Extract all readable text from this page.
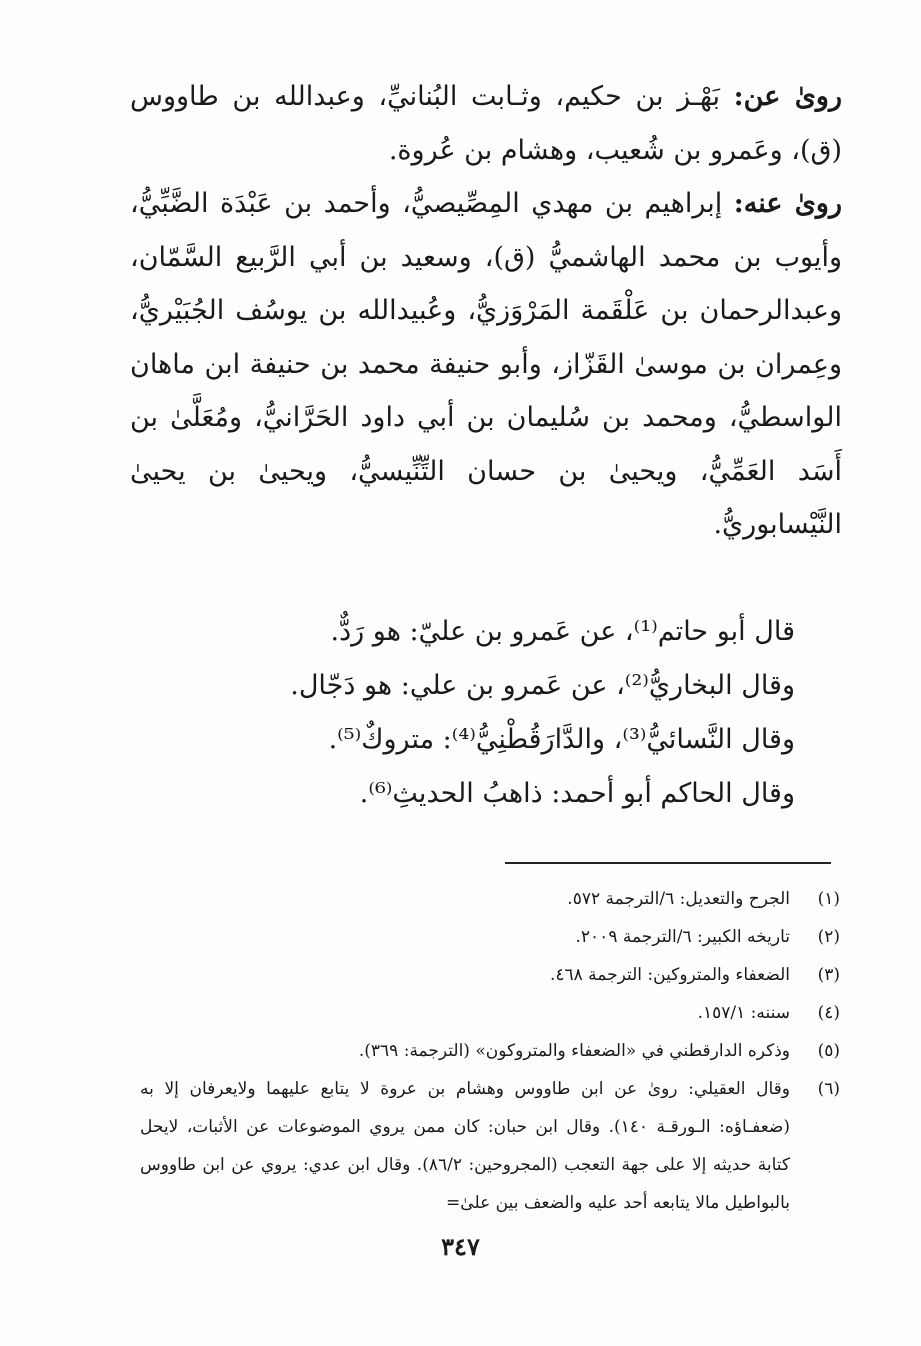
روىٰ عن: بَهْـز بن حكيم، وثـابت البُنانيِّ، وعبدالله بن طاووس (ق)، وعَمرو بن شُعيب، وهشام بن عُروة.

روىٰ عنه: إبراهيم بن مهدي المِصِّيصيُّ، وأحمد بن عَبْدَة الضَّبِّيُّ، وأيوب بن محمد الهاشميُّ (ق)، وسعيد بن أبي الرَّبيع السَّمّان، وعبدالرحمان بن عَلْقَمة المَرْوَزيُّ، وعُبيدالله بن يوسُف الجُبَيْريُّ، وعِمران بن موسىٰ القَزّاز، وأبو حنيفة محمد بن حنيفة ابن ماهان الواسطيُّ، ومحمد بن سُليمان بن أبي داود الحَرَّانيُّ، ومُعَلَّىٰ بن أَسَد العَمِّيُّ، ويحيىٰ بن حسان التِّنِّيسيُّ، ويحيىٰ بن يحيىٰ النَّيْسابوريُّ.

قال أبو حاتم⁽¹⁾، عن عَمرو بن عليّ: هو رَدٌّ.
وقال البخاريُّ⁽²⁾، عن عَمرو بن علي: هو دَجّال.
وقال النَّسائيُّ⁽³⁾، والدَّارَقُطْنِيُّ⁽⁴⁾: متروكٌ⁽⁵⁾.
وقال الحاكم أبو أحمد: ذاهبُ الحديثِ⁽⁶⁾.
(١)
الجرح والتعديل: ٦/الترجمة ٥٧٢.
(٢)
تاريخه الكبير: ٦/الترجمة ٢٠٠٩.
(٣)
الضعفاء والمتروكين: الترجمة ٤٦٨.
(٤)
سننه: ١٥٧/١.
(٥)
وذكره الدارقطني في «الضعفاء والمتروكون» (الترجمة: ٣٦٩).
(٦)
وقال العقيلي: روىٰ عن ابن طاووس وهشام بن عروة لا يتابع عليهما ولايعرفان إلا به (ضعفـاؤه: الـورقـة ١٤٠). وقال ابن حبان: كان ممن يروي الموضوعات عن الأثبات، لايحل كتابة حديثه إلا على جهة التعجب (المجروحين: ٨٦/٢). وقال ابن عدي: يروي عن ابن طاووس بالبواطيل مالا يتابعه أحد عليه والضعف بين علىٰ=
٣٤٧
